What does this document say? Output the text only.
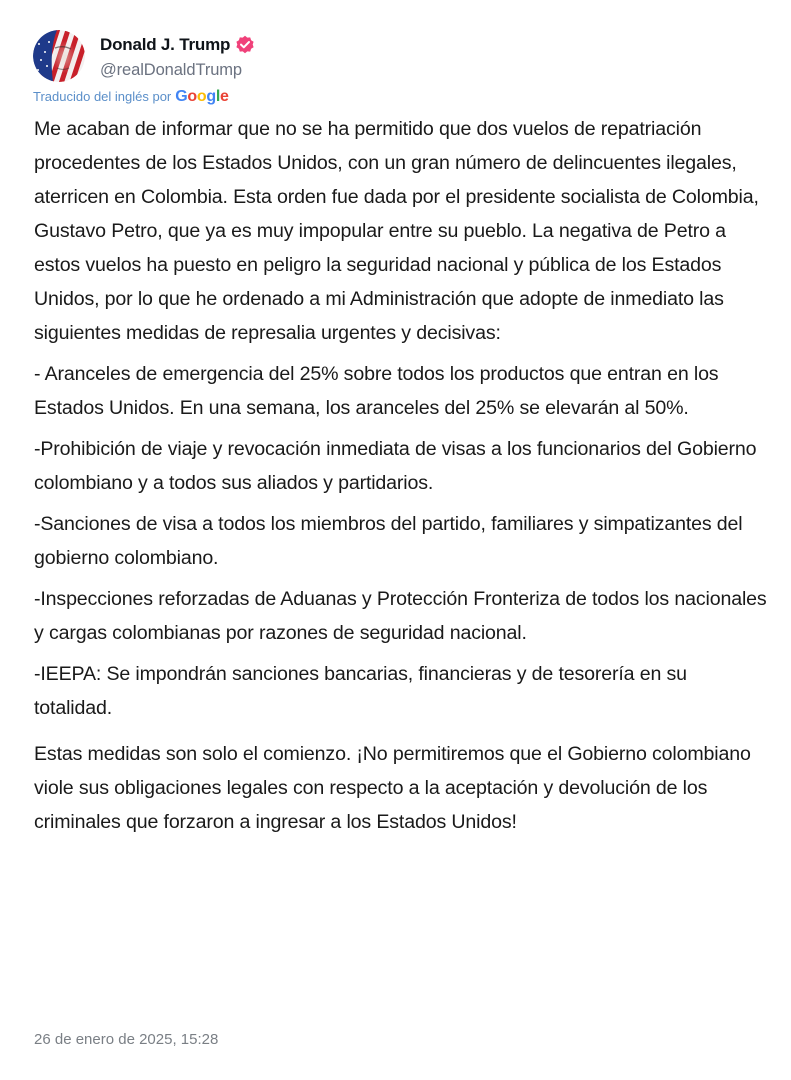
Donald J. Trump
@realDonaldTrump
Traducido del inglés por Google

Me acaban de informar que no se ha permitido que dos vuelos de repatriación procedentes de los Estados Unidos, con un gran número de delincuentes ilegales, aterricen en Colombia. Esta orden fue dada por el presidente socialista de Colombia, Gustavo Petro, que ya es muy impopular entre su pueblo. La negativa de Petro a estos vuelos ha puesto en peligro la seguridad nacional y pública de los Estados Unidos, por lo que he ordenado a mi Administración que adopte de inmediato las siguientes medidas de represalia urgentes y decisivas:

- Aranceles de emergencia del 25% sobre todos los productos que entran en los Estados Unidos. En una semana, los aranceles del 25% se elevarán al 50%.

-Prohibición de viaje y revocación inmediata de visas a los funcionarios del Gobierno colombiano y a todos sus aliados y partidarios.

-Sanciones de visa a todos los miembros del partido, familiares y simpatizantes del gobierno colombiano.

-Inspecciones reforzadas de Aduanas y Protección Fronteriza de todos los nacionales y cargas colombianas por razones de seguridad nacional.

-IEEPA: Se impondrán sanciones bancarias, financieras y de tesorería en su totalidad.

Estas medidas son solo el comienzo. ¡No permitiremos que el Gobierno colombiano viole sus obligaciones legales con respecto a la aceptación y devolución de los criminales que forzaron a ingresar a los Estados Unidos!

26 de enero de 2025, 15:28
